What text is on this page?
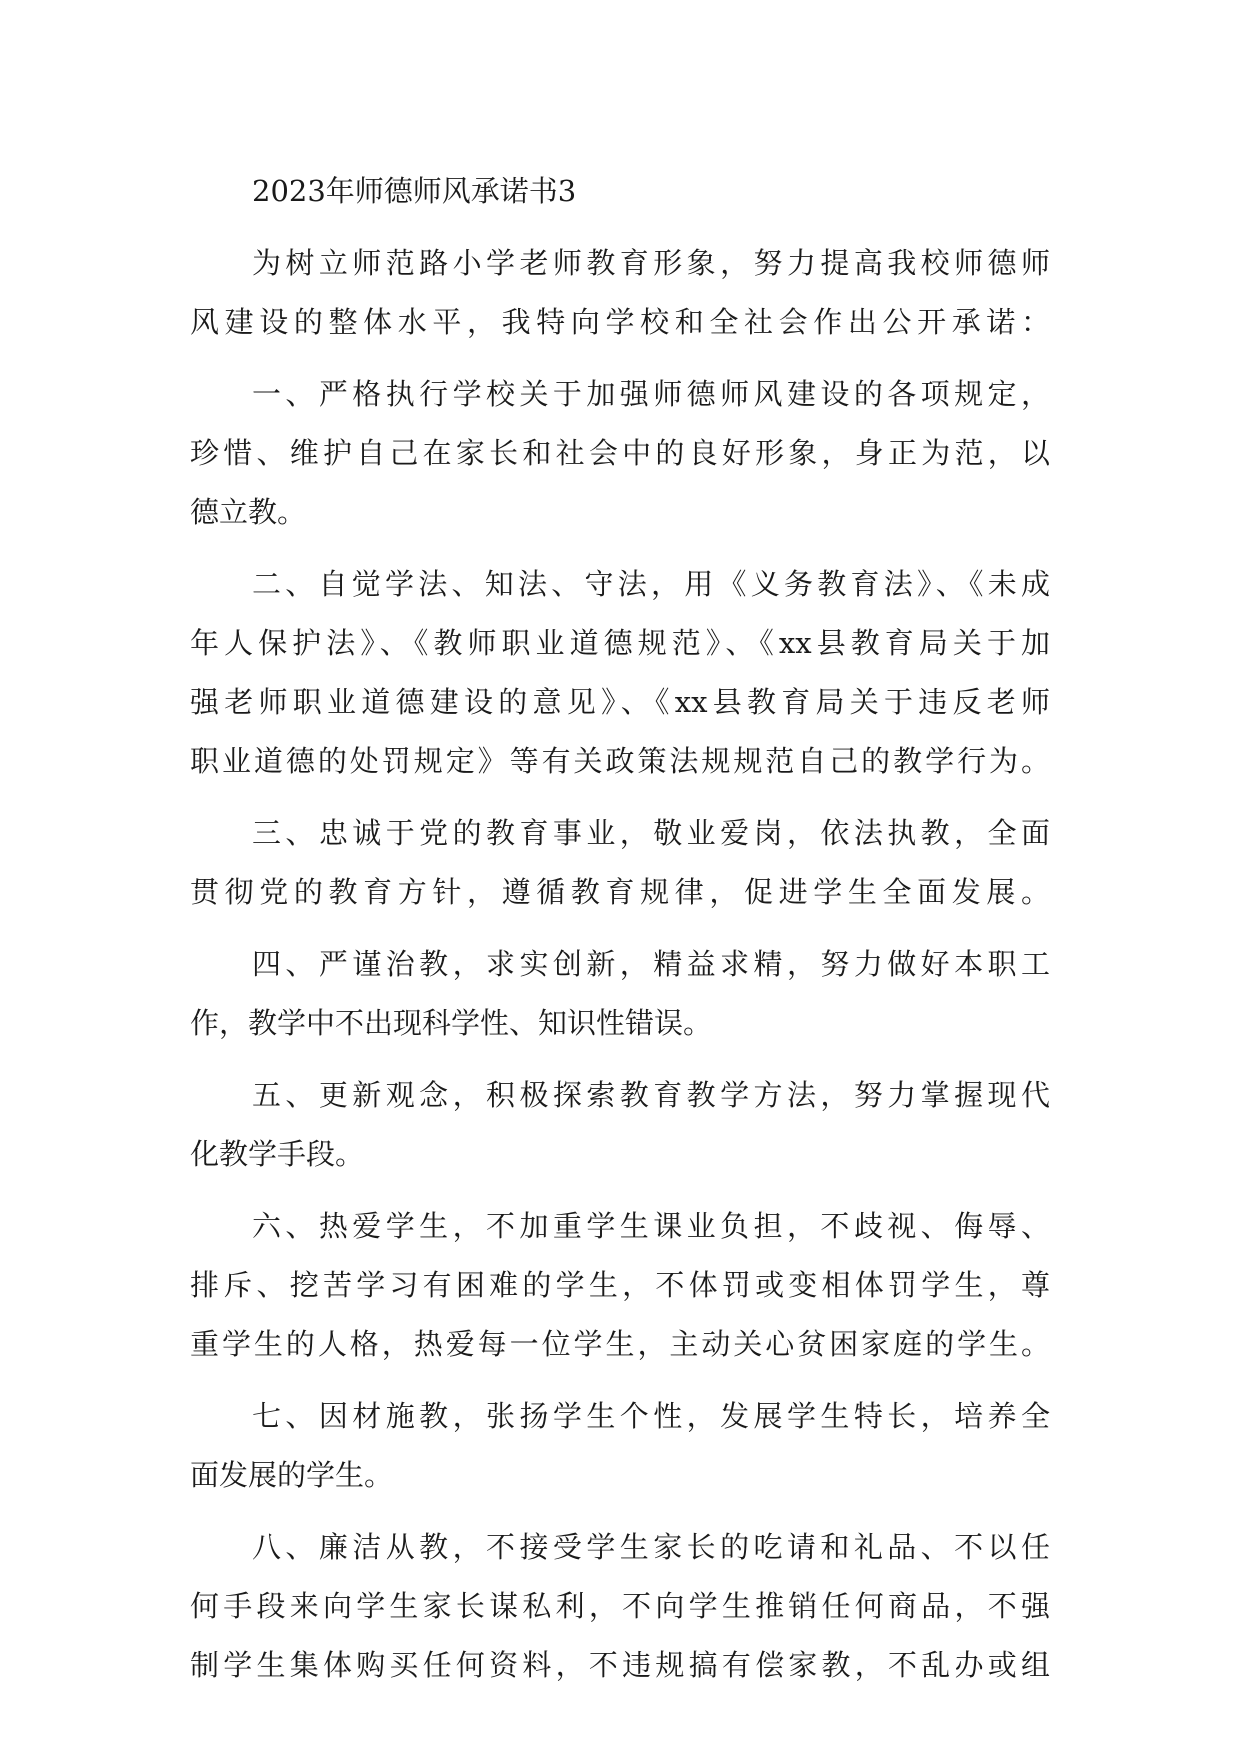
2023年师德师风承诺书3
为树立师范路小学老师教育形象，努力提高我校师德师
风建设的整体水平，我特向学校和全社会作出公开承诺：
一、严格执行学校关于加强师德师风建设的各项规定，
珍惜、维护自己在家长和社会中的良好形象，身正为范，以
德立教。
二、自觉学法、知法、守法，用《义务教育法》、《未成
年人保护法》、《教师职业道德规范》、《xx县教育局关于加
强老师职业道德建设的意见》、《xx县教育局关于违反老师
职业道德的处罚规定》等有关政策法规规范自己的教学行为。
三、忠诚于党的教育事业，敬业爱岗，依法执教，全面
贯彻党的教育方针，遵循教育规律，促进学生全面发展。
四、严谨治教，求实创新，精益求精，努力做好本职工
作，教学中不出现科学性、知识性错误。
五、更新观念，积极探索教育教学方法，努力掌握现代
化教学手段。
六、热爱学生，不加重学生课业负担，不歧视、侮辱、
排斥、挖苦学习有困难的学生，不体罚或变相体罚学生，尊
重学生的人格，热爱每一位学生，主动关心贫困家庭的学生。
七、因材施教，张扬学生个性，发展学生特长，培养全
面发展的学生。
八、廉洁从教，不接受学生家长的吃请和礼品、不以任
何手段来向学生家长谋私利，不向学生推销任何商品，不强
制学生集体购买任何资料，不违规搞有偿家教，不乱办或组
